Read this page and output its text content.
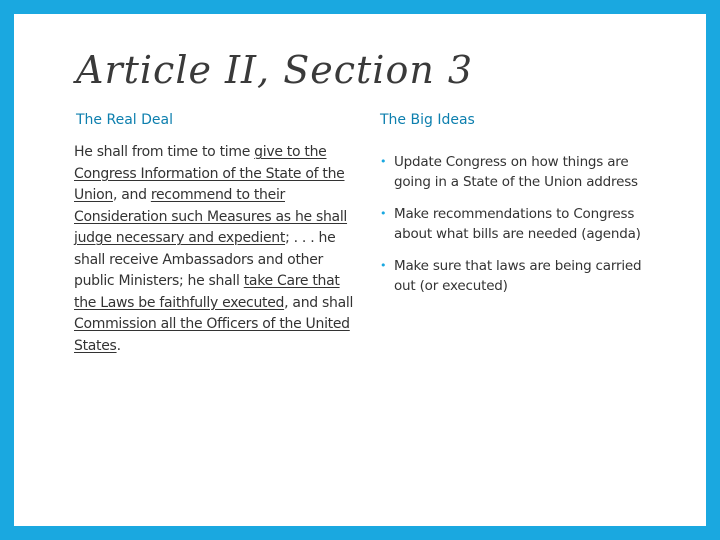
Article II, Section 3
The Real Deal

He shall from time to time give to the Congress Information of the State of the Union, and recommend to their Consideration such Measures as he shall judge necessary and expedient; . . . he shall receive Ambassadors and other public Ministers; he shall take Care that the Laws be faithfully executed, and shall Commission all the Officers of the United States.

The Big Ideas
• Update Congress on how things are going in a State of the Union address
• Make recommendations to Congress about what bills are needed (agenda)
• Make sure that laws are being carried out (or executed)
